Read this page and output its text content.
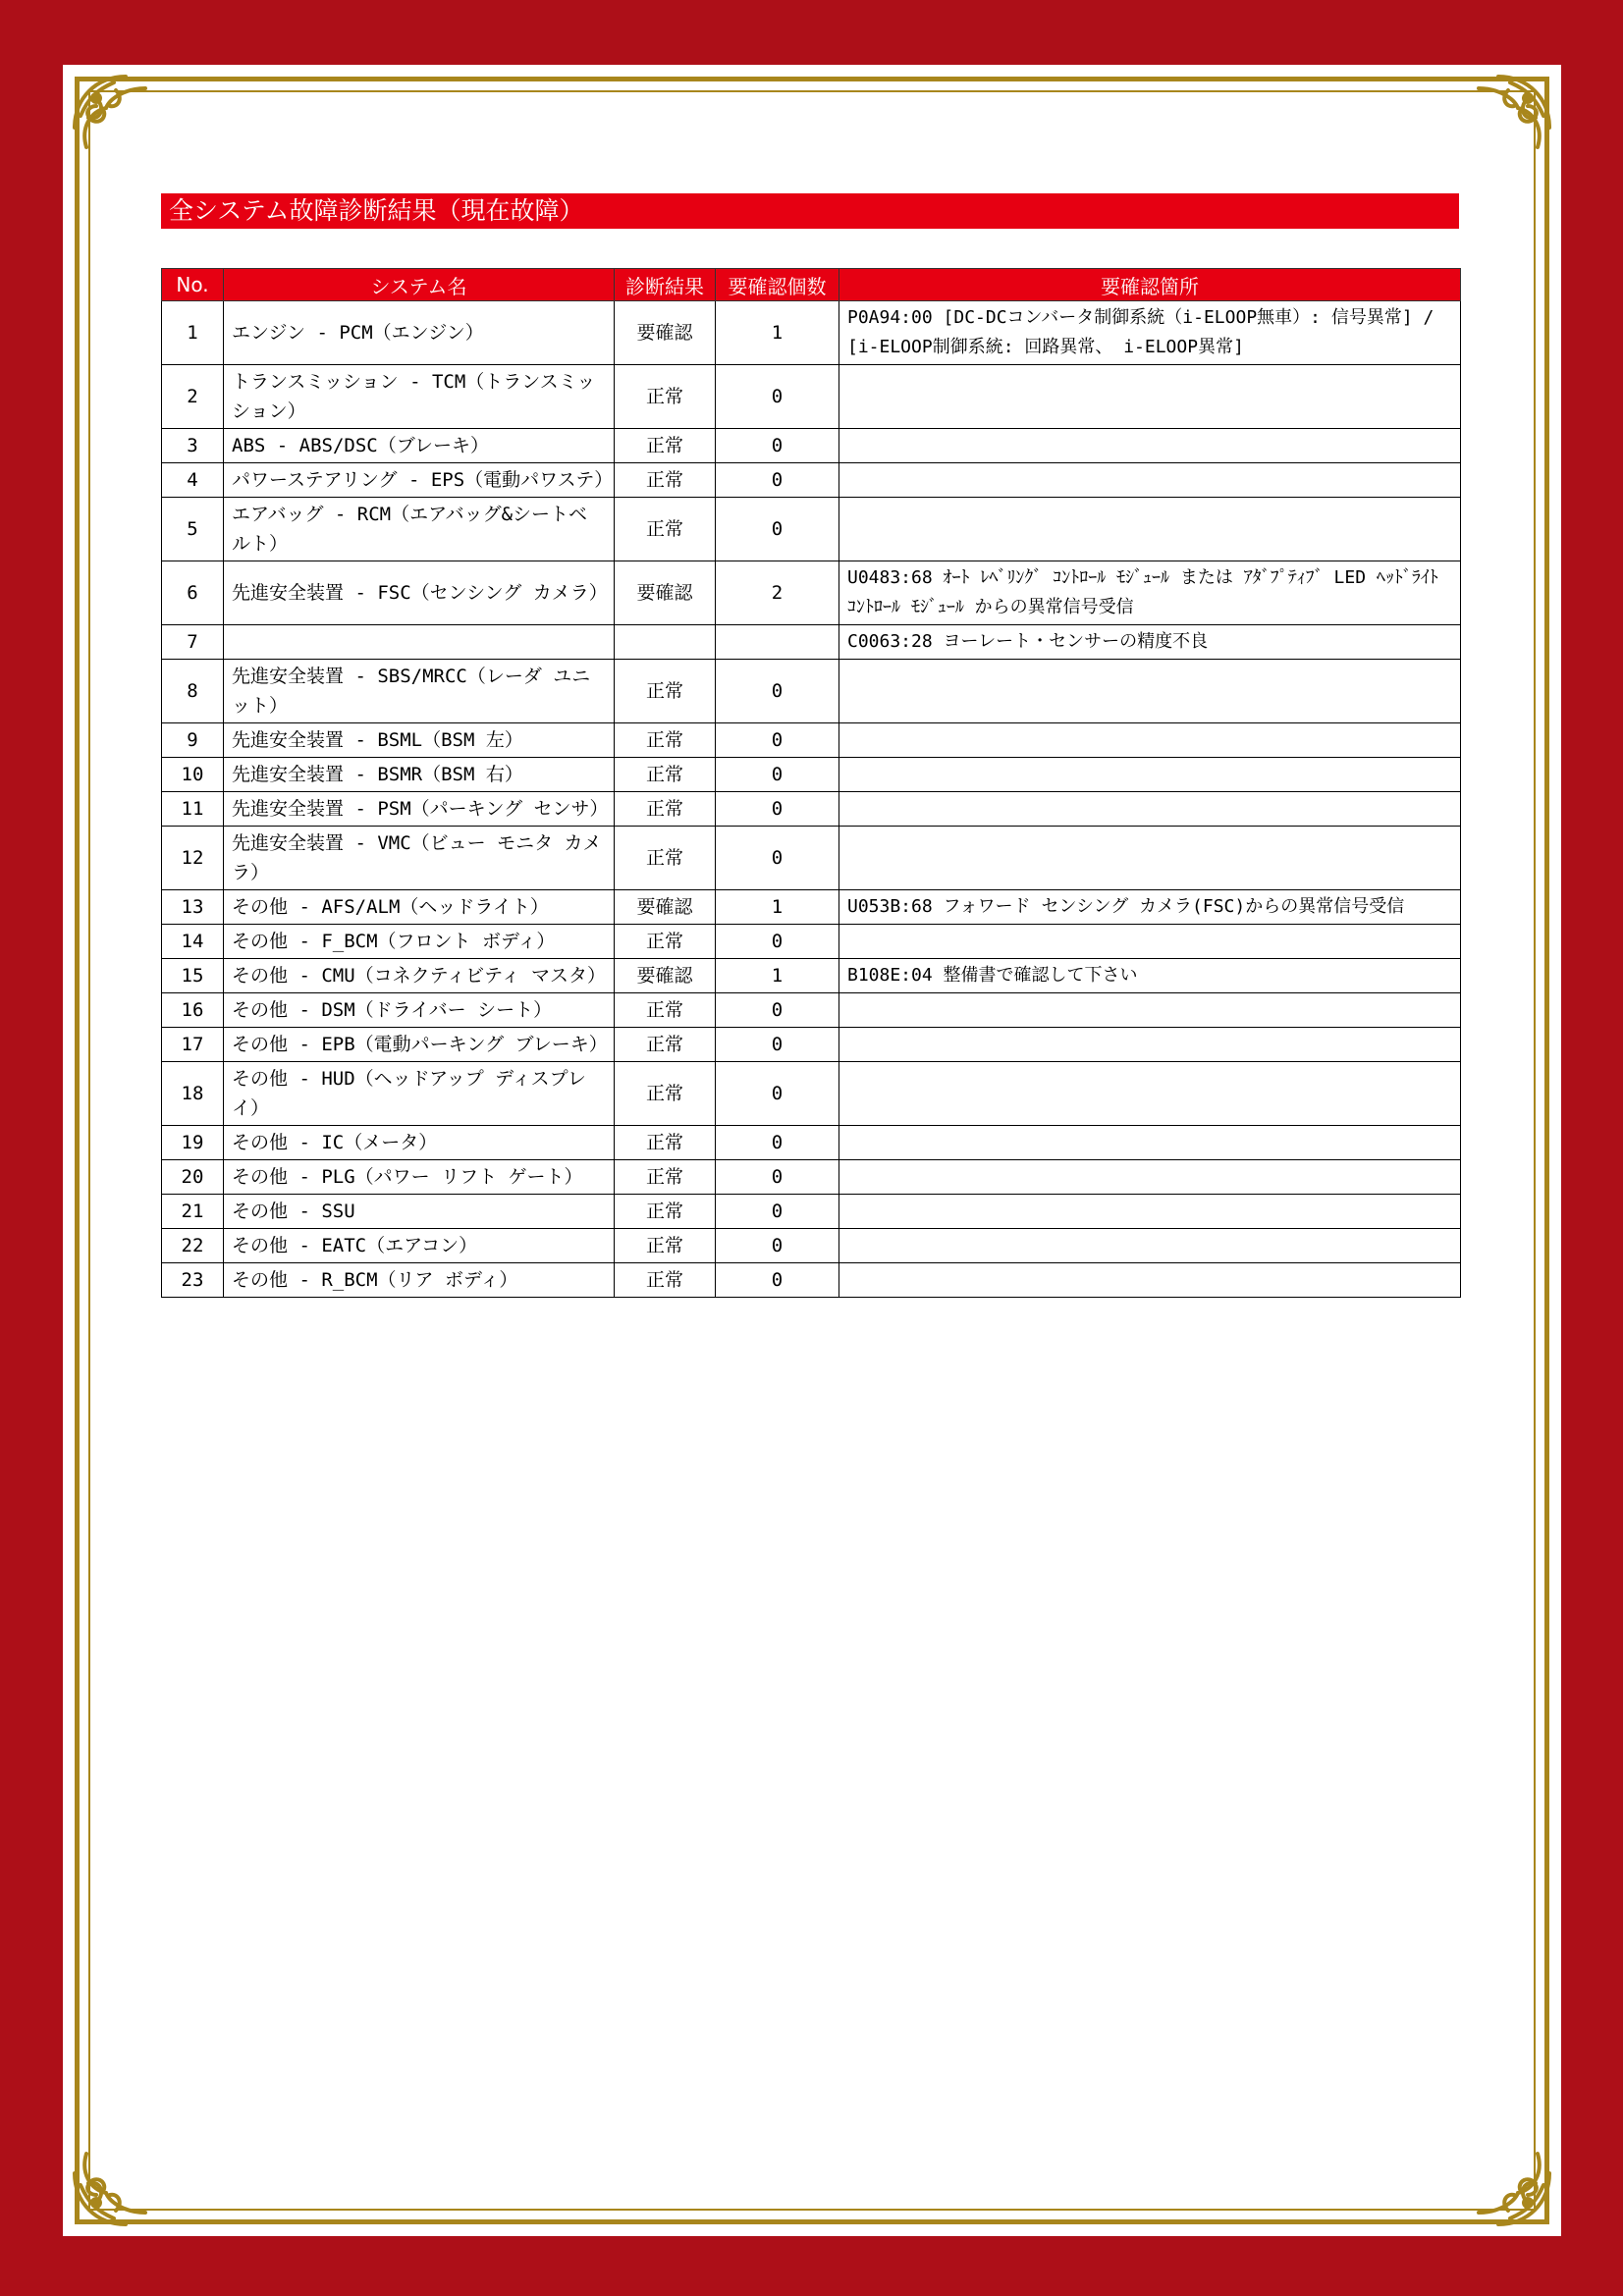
全システム故障診断結果（現在故障）
No.	システム名	診断結果	要確認個数	要確認箇所
1	エンジン - PCM（エンジン）	要確認	1	P0A94:00 [DC-DCコンバータ制御系統（i-ELOOP無車）: 信号異常] / [i-ELOOP制御系統: 回路異常、 i-ELOOP異常]
2	トランスミッション - TCM（トランスミッション）	正常	0	
3	ABS - ABS/DSC（ブレーキ）	正常	0	
4	パワーステアリング - EPS（電動パワステ）	正常	0	
5	エアバッグ - RCM（エアバッグ&シートベルト）	正常	0	
6	先進安全装置 - FSC（センシング カメラ）	要確認	2	U0483:68 ｵｰﾄ ﾚﾍﾞﾘﾝｸﾞ ｺﾝﾄﾛｰﾙ ﾓｼﾞｭｰﾙ または ｱﾀﾞﾌﾟﾃｨﾌﾞ LED ﾍｯﾄﾞﾗｲﾄ ｺﾝﾄﾛｰﾙ ﾓｼﾞｭｰﾙ からの異常信号受信
7				C0063:28 ヨーレート・センサーの精度不良
8	先進安全装置 - SBS/MRCC（レーダ ユニット）	正常	0	
9	先進安全装置 - BSML（BSM 左）	正常	0	
10	先進安全装置 - BSMR（BSM 右）	正常	0	
11	先進安全装置 - PSM（パーキング センサ）	正常	0	
12	先進安全装置 - VMC（ビュー モニタ カメラ）	正常	0	
13	その他 - AFS/ALM（ヘッドライト）	要確認	1	U053B:68 フォワード センシング カメラ(FSC)からの異常信号受信
14	その他 - F_BCM（フロント ボディ）	正常	0	
15	その他 - CMU（コネクティビティ マスタ）	要確認	1	B108E:04 整備書で確認して下さい
16	その他 - DSM（ドライバー シート）	正常	0	
17	その他 - EPB（電動パーキング ブレーキ）	正常	0	
18	その他 - HUD（ヘッドアップ ディスプレイ）	正常	0	
19	その他 - IC（メータ）	正常	0	
20	その他 - PLG（パワー リフト ゲート）	正常	0	
21	その他 - SSU	正常	0	
22	その他 - EATC（エアコン）	正常	0	
23	その他 - R_BCM（リア ボディ）	正常	0	
